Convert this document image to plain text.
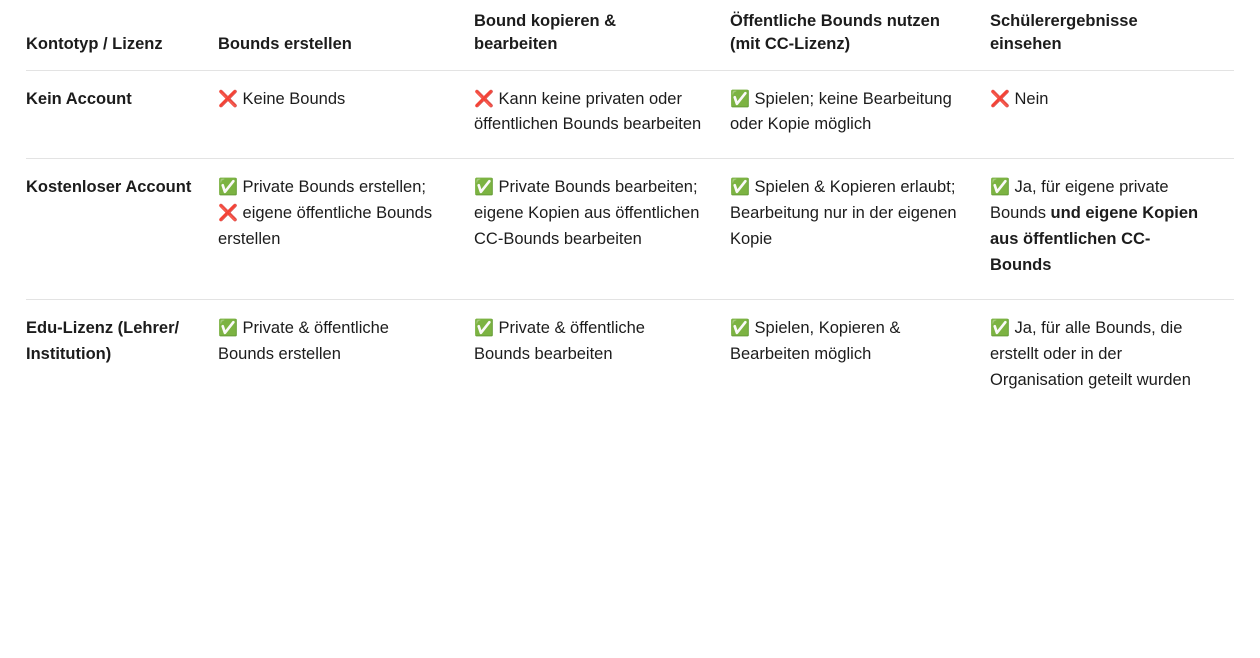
Kontotyp / Lizenz	Bounds erstellen	Bound kopieren & bearbeiten	Öffentliche Bounds nutzen (mit CC-Lizenz)	Schülerergebnisse einsehen
Kein Account	❌ Keine Bounds	❌ Kann keine privaten oder öffentlichen Bounds bearbeiten	✅ Spielen; keine Bearbeitung oder Kopie möglich	❌ Nein
Kostenloser Account	✅ Private Bounds erstellen; ❌ eigene öffentliche Bounds erstellen	✅ Private Bounds bearbeiten; eigene Kopien aus öffentlichen CC-Bounds bearbeiten	✅ Spielen & Kopieren erlaubt; Bearbeitung nur in der eigenen Kopie	✅ Ja, für eigene private Bounds und eigene Kopien aus öffentlichen CC-Bounds
Edu-Lizenz (Lehrer/ Institution)	✅ Private & öffentliche Bounds erstellen	✅ Private & öffentliche Bounds bearbeiten	✅ Spielen, Kopieren & Bearbeiten möglich	✅ Ja, für alle Bounds, die erstellt oder in der Organisation geteilt wurden
